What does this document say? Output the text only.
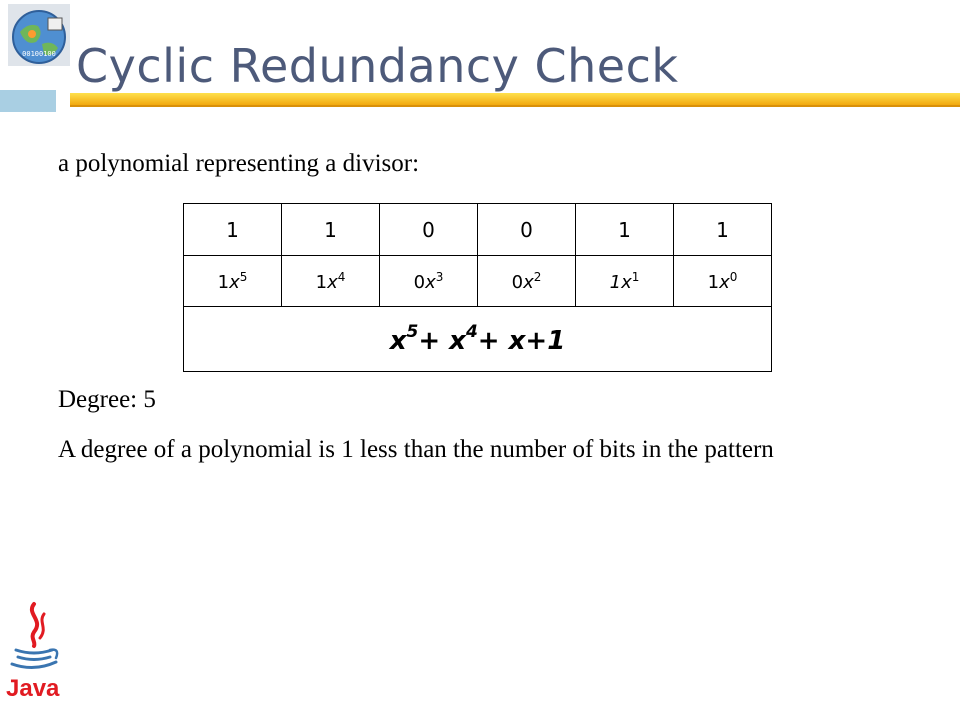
00100100 Cyclic Redundancy Check
a polynomial representing a divisor:
1	1	0	0	1	1
$1x^5$	$1x^4$	$0x^3$	$0x^2$	$1x^1$	$1x^0$
$x^5+ x^4+ x+1$					
Degree: 5
A degree of a polynomial is 1 less than the number of bits in the pattern
Java
